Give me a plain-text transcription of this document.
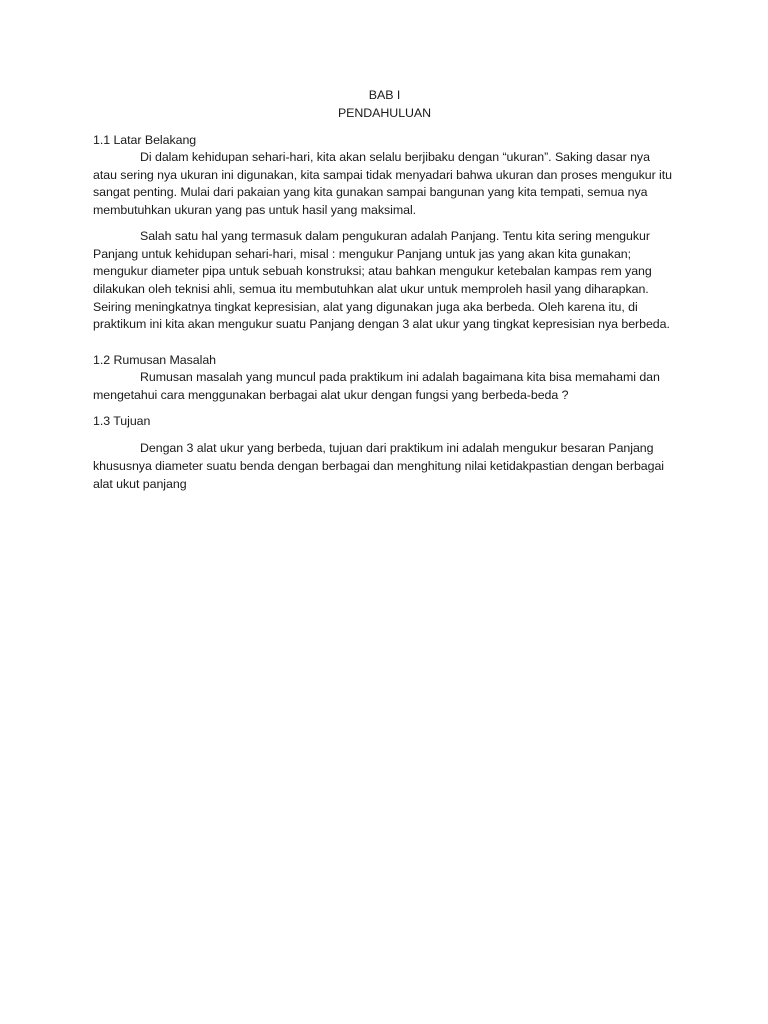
BAB I
PENDAHULUAN
1.1 Latar Belakang

Di dalam kehidupan sehari-hari, kita akan selalu berjibaku dengan “ukuran”. Saking dasar nya atau sering nya ukuran ini digunakan, kita sampai tidak menyadari bahwa ukuran dan proses mengukur itu sangat penting. Mulai dari pakaian yang kita gunakan sampai bangunan yang kita tempati, semua nya membutuhkan ukuran yang pas untuk hasil yang maksimal.

Salah satu hal yang termasuk dalam pengukuran adalah Panjang. Tentu kita sering mengukur Panjang untuk kehidupan sehari-hari, misal : mengukur Panjang untuk jas yang akan kita gunakan; mengukur diameter pipa untuk sebuah konstruksi; atau bahkan mengukur ketebalan kampas rem yang dilakukan oleh teknisi ahli, semua itu membutuhkan alat ukur untuk memproleh hasil yang diharapkan. Seiring meningkatnya tingkat kepresisian, alat yang digunakan juga aka berbeda. Oleh karena itu, di praktikum ini kita akan mengukur suatu Panjang dengan 3 alat ukur yang tingkat kepresisian nya berbeda.

1.2 Rumusan Masalah

Rumusan masalah yang muncul pada praktikum ini adalah bagaimana kita bisa memahami dan mengetahui cara menggunakan berbagai alat ukur dengan fungsi yang berbeda-beda ?

1.3 Tujuan

Dengan 3 alat ukur yang berbeda, tujuan dari praktikum ini adalah mengukur besaran Panjang khususnya diameter suatu benda dengan berbagai dan menghitung nilai ketidakpastian dengan berbagai alat ukut panjang
